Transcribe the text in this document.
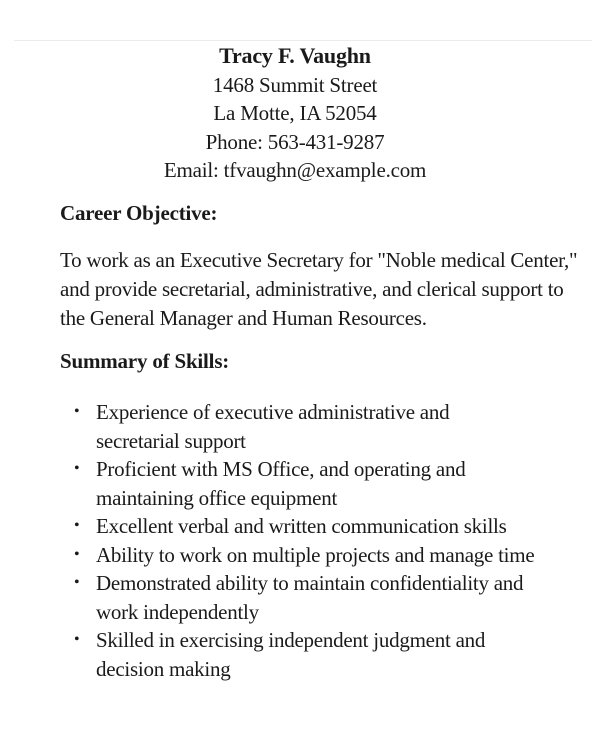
Tracy F. Vaughn
1468 Summit Street
La Motte, IA 52054
Phone: 563-431-9287
Email: tfvaughn@example.com
Career Objective:
To work as an Executive Secretary for "Noble medical Center,"
and provide secretarial, administrative, and clerical support to
the General Manager and Human Resources.
Summary of Skills:
• Experience of executive administrative and secretarial support
• Proficient with MS Office, and operating and maintaining office equipment
• Excellent verbal and written communication skills
• Ability to work on multiple projects and manage time
• Demonstrated ability to maintain confidentiality and work independently
• Skilled in exercising independent judgment and decision making
